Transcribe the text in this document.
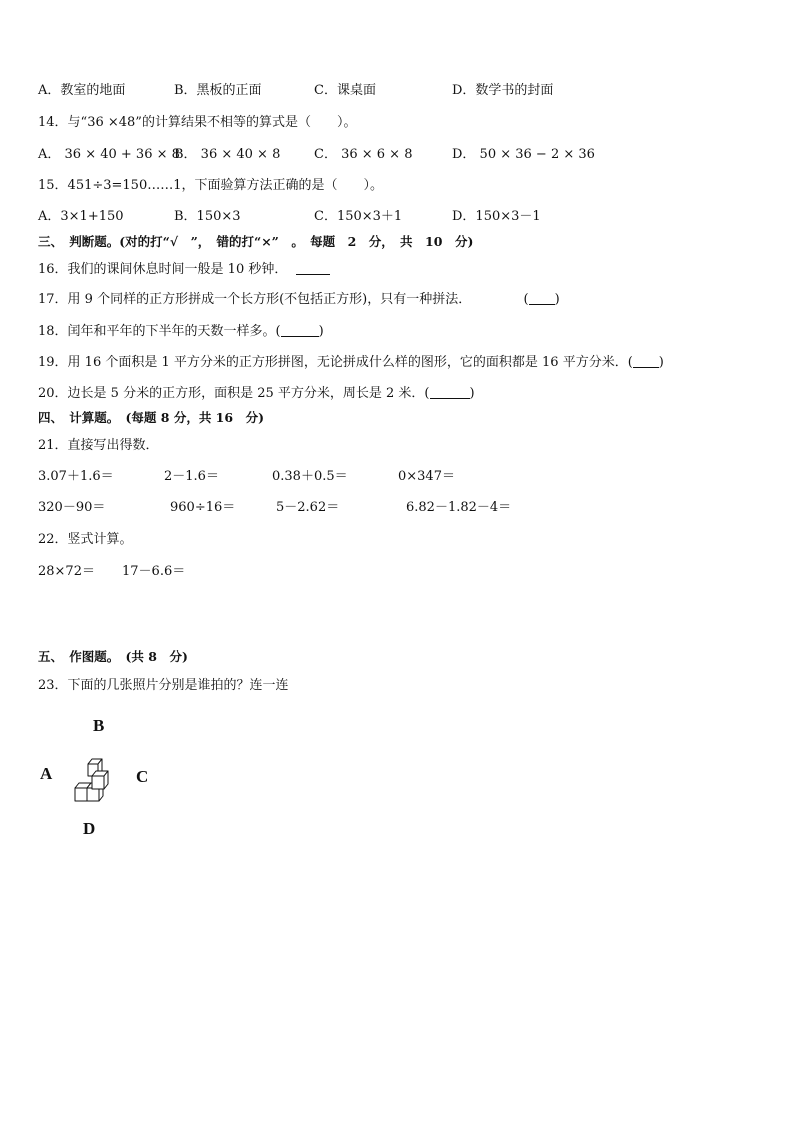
A．教室的地面	B．黑板的正面	C．课桌面	D．数学书的封面
14．与“36 ×48”的计算结果不相等的算式是（　　）。
A． 36 × 40 + 36 × 8
B． 36 × 40 × 8	C． 36 × 6 × 8	D． 50 × 36 − 2 × 36
15．451÷3=150……1，下面验算方法正确的是（　　）。
A．3×1+150	B．150×3	C．150×3＋1	D．150×3－1
三、　判断题。(对的打“√　”，　错的打“×”　。　每题　2　分，　共　10　分)
16．我们的课间休息时间一般是 10 秒钟．
17．用 9 个同样的正方形拼成一个长方形(不包括正方形)，只有一种拼法．	( )
18．闰年和平年的下半年的天数一样多。(	)
19．用 16 个面积是 1 平方分米的正方形拼图，无论拼成什么样的图形，它的面积都是 16 平方分米．( )
20．边长是 5 分米的正方形，面积是 25 平方分米，周长是 2 米．(	)
四、　计算题。　(每题 8 分，共 16　分)
21．直接写出得数．
3.07＋1.6＝	2－1.6＝	0.38＋0.5＝	0×347＝
320－90＝	960÷16＝	5－2.62＝	6.82－1.82－4＝
22．竖式计算。
28×72＝ 17－6.6＝
五、　作图题。　(共 8　分)
23．下面的几张照片分别是谁拍的？连一连
B
A	C
D
